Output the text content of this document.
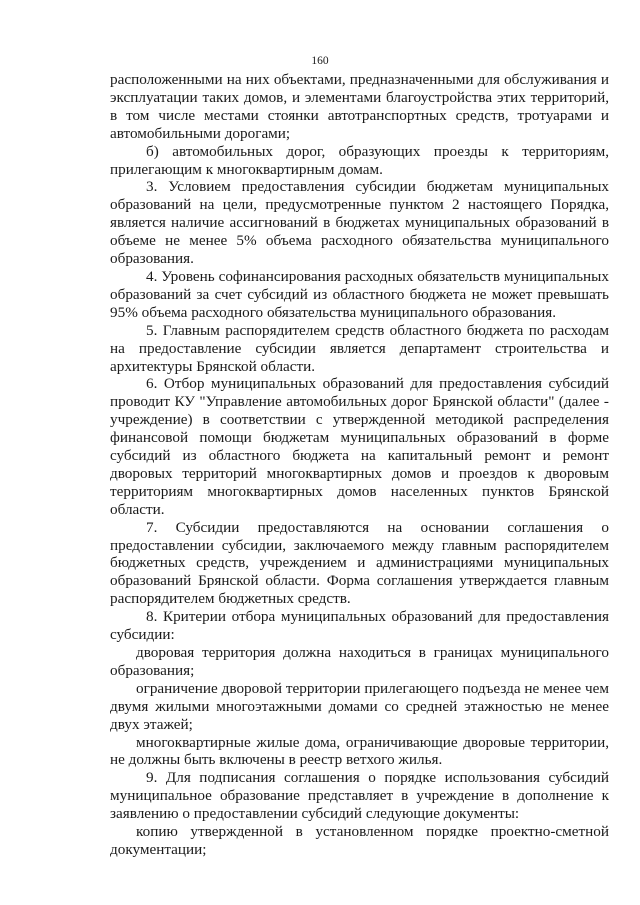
160

расположенными на них объектами, предназначенными для обслуживания и эксплуатации таких домов, и элементами благоустройства этих территорий, в том числе местами стоянки автотранспортных средств, тротуарами и автомобильными дорогами;

б) автомобильных дорог, образующих проезды к территориям, прилегающим к многоквартирным домам.

3. Условием предоставления субсидии бюджетам муниципальных образований на цели, предусмотренные пунктом 2 настоящего Порядка, является наличие ассигнований в бюджетах муниципальных образований в объеме не менее 5% объема расходного обязательства муниципального образования.

4. Уровень софинансирования расходных обязательств муниципальных образований за счет субсидий из областного бюджета не может превышать 95% объема расходного обязательства муниципального образования.

5. Главным распорядителем средств областного бюджета по расходам на предоставление субсидии является департамент строительства и архитектуры Брянской области.

6. Отбор муниципальных образований для предоставления субсидий проводит КУ "Управление автомобильных дорог Брянской области" (далее - учреждение) в соответствии с утвержденной методикой распределения финансовой помощи бюджетам муниципальных образований в форме субсидий из областного бюджета на капитальный ремонт и ремонт дворовых территорий многоквартирных домов и проездов к дворовым территориям многоквартирных домов населенных пунктов Брянской области.

7. Субсидии предоставляются на основании соглашения о предоставлении субсидии, заключаемого между главным распорядителем бюджетных средств, учреждением и администрациями муниципальных образований Брянской области. Форма соглашения утверждается главным распорядителем бюджетных средств.

8. Критерии отбора муниципальных образований для предоставления субсидии:

дворовая территория должна находиться в границах муниципального образования;

ограничение дворовой территории прилегающего подъезда не менее чем двумя жилыми многоэтажными домами со средней этажностью не менее двух этажей;

многоквартирные жилые дома, ограничивающие дворовые территории, не должны быть включены в реестр ветхого жилья.

9. Для подписания соглашения о порядке использования субсидий муниципальное образование представляет в учреждение в дополнение к заявлению о предоставлении субсидий следующие документы:

копию утвержденной в установленном порядке проектно-сметной документации;
